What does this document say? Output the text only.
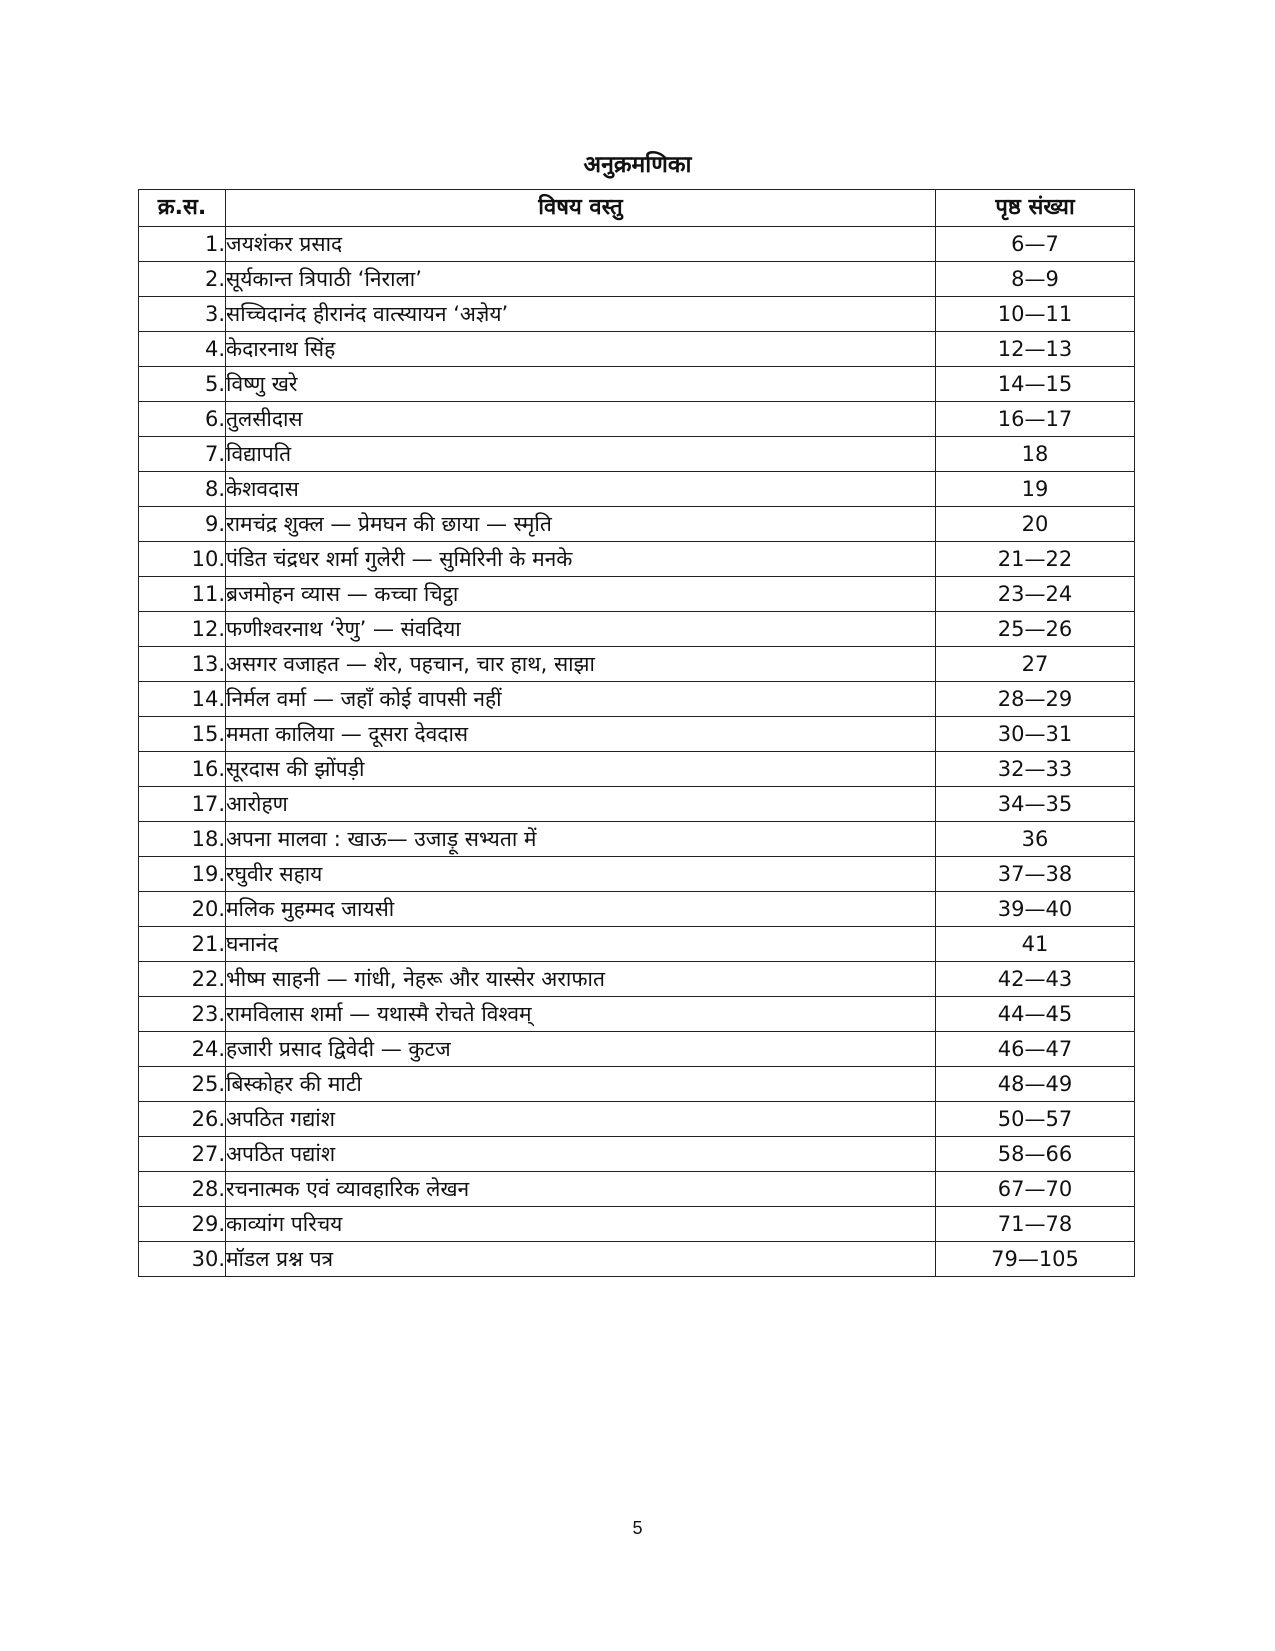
अनुक्रमणिका
क्र.स.	विषय वस्तु	पृष्ठ संख्या
1.	जयशंकर प्रसाद	6—7
2.	सूर्यकान्त त्रिपाठी ‘निराला’	8—9
3.	सच्चिदानंद हीरानंद वात्स्यायन ‘अज्ञेय’	10—11
4.	केदारनाथ सिंह	12—13
5.	विष्णु खरे	14—15
6.	तुलसीदास	16—17
7.	विद्यापति	18
8.	केशवदास	19
9.	रामचंद्र शुक्ल — प्रेमघन की छाया — स्मृति	20
10.	पंडित चंद्रधर शर्मा गुलेरी — सुमिरिनी के मनके	21—22
11.	ब्रजमोहन व्यास — कच्चा चिट्ठा	23—24
12.	फणीश्वरनाथ ‘रेणु’ — संवदिया	25—26
13.	असगर वजाहत — शेर, पहचान, चार हाथ, साझा	27
14.	निर्मल वर्मा — जहाँ कोई वापसी नहीं	28—29
15.	ममता कालिया — दूसरा देवदास	30—31
16.	सूरदास की झोंपड़ी	32—33
17.	आरोहण	34—35
18.	अपना मालवा : खाऊ— उजाड़ू सभ्यता में	36
19.	रघुवीर सहाय	37—38
20.	मलिक मुहम्मद जायसी	39—40
21.	घनानंद	41
22.	भीष्म साहनी — गांधी, नेहरू और यास्सेर अराफात	42—43
23.	रामविलास शर्मा — यथास्मै रोचते विश्वम्	44—45
24.	हजारी प्रसाद द्विवेदी — कुटज	46—47
25.	बिस्कोहर की माटी	48—49
26.	अपठित गद्यांश	50—57
27.	अपठित पद्यांश	58—66
28.	रचनात्मक एवं व्यावहारिक लेखन	67—70
29.	काव्यांग परिचय	71—78
30.	मॉडल प्रश्न पत्र	79—105
5
